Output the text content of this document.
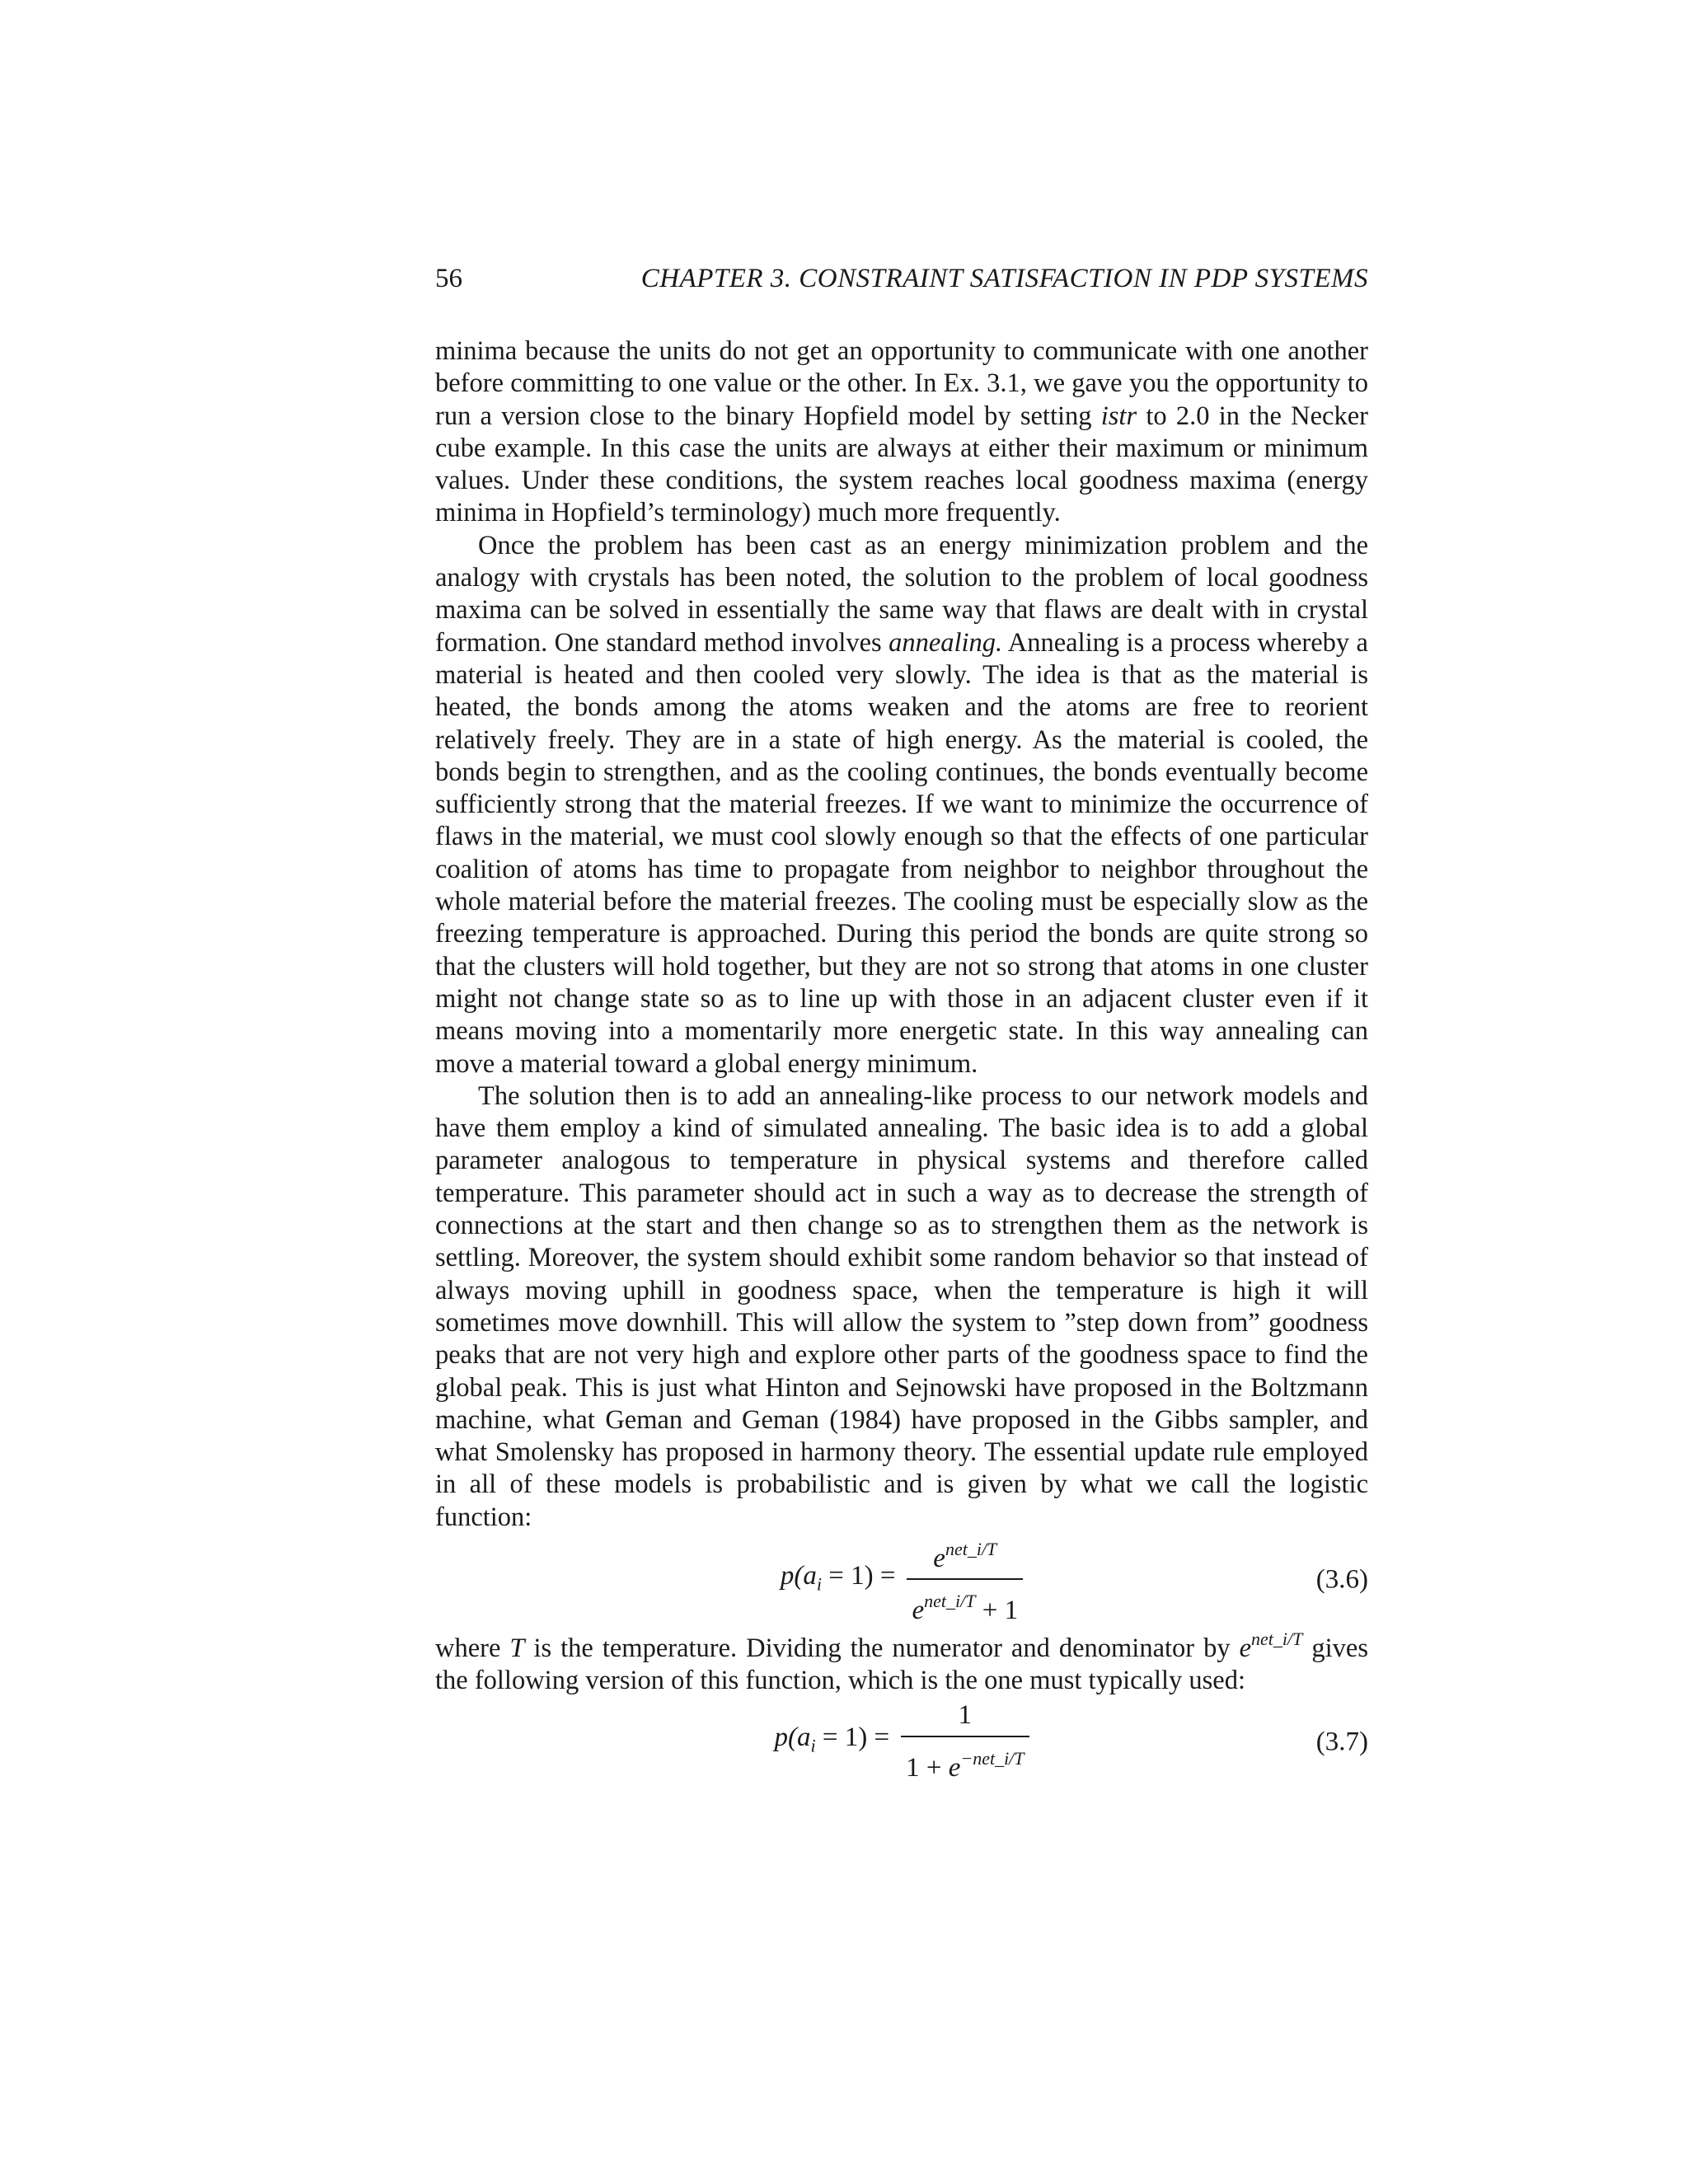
56	CHAPTER 3. CONSTRAINT SATISFACTION IN PDP SYSTEMS

minima because the units do not get an opportunity to communicate with one another before committing to one value or the other. In Ex. 3.1, we gave you the opportunity to run a version close to the binary Hopfield model by setting istr to 2.0 in the Necker cube example. In this case the units are always at either their maximum or minimum values. Under these conditions, the system reaches local goodness maxima (energy minima in Hopfield’s terminology) much more frequently.

Once the problem has been cast as an energy minimization problem and the analogy with crystals has been noted, the solution to the problem of local goodness maxima can be solved in essentially the same way that flaws are dealt with in crystal formation. One standard method involves annealing. Annealing is a process whereby a material is heated and then cooled very slowly. The idea is that as the material is heated, the bonds among the atoms weaken and the atoms are free to reorient relatively freely. They are in a state of high energy. As the material is cooled, the bonds begin to strengthen, and as the cooling continues, the bonds eventually become sufficiently strong that the material freezes. If we want to minimize the occurrence of flaws in the material, we must cool slowly enough so that the effects of one particular coalition of atoms has time to propagate from neighbor to neighbor throughout the whole material before the material freezes. The cooling must be especially slow as the freezing temperature is approached. During this period the bonds are quite strong so that the clusters will hold together, but they are not so strong that atoms in one cluster might not change state so as to line up with those in an adjacent cluster even if it means moving into a momentarily more energetic state. In this way annealing can move a material toward a global energy minimum.

The solution then is to add an annealing-like process to our network models and have them employ a kind of simulated annealing. The basic idea is to add a global parameter analogous to temperature in physical systems and therefore called temperature. This parameter should act in such a way as to decrease the strength of connections at the start and then change so as to strengthen them as the network is settling. Moreover, the system should exhibit some random behavior so that instead of always moving uphill in goodness space, when the temperature is high it will sometimes move downhill. This will allow the system to ”step down from” goodness peaks that are not very high and explore other parts of the goodness space to find the global peak. This is just what Hinton and Sejnowski have proposed in the Boltzmann machine, what Geman and Geman (1984) have proposed in the Gibbs sampler, and what Smolensky has proposed in harmony theory. The essential update rule employed in all of these models is probabilistic and is given by what we call the logistic function:

$p(a_i = 1) = \frac{e^{net\_i/T}}{e^{net\_i/T} + 1}$	(3.6)

where T is the temperature. Dividing the numerator and denominator by $e^{net\_i/T}$ gives the following version of this function, which is the one must typically used:

$p(a_i = 1) = \frac{1}{1 + e^{-net\_i/T}}$	(3.7)
